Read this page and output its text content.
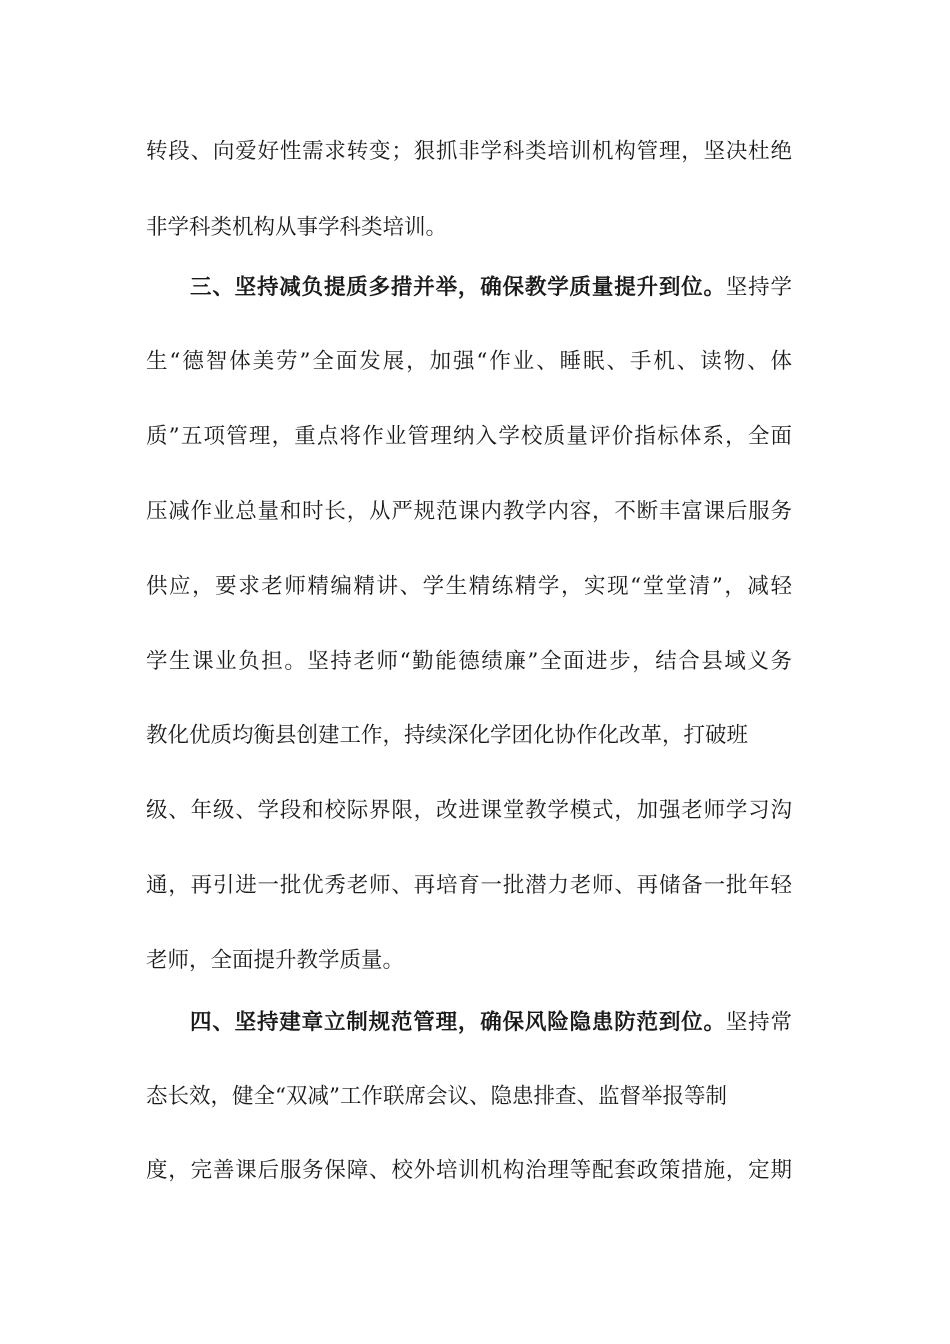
转段、向爱好性需求转变；狠抓非学科类培训机构管理，坚决杜绝
非学科类机构从事学科类培训。
三、坚持减负提质多措并举，确保教学质量提升到位。坚持学
生“德智体美劳”全面发展，加强“作业、睡眠、手机、读物、体
质”五项管理，重点将作业管理纳入学校质量评价指标体系，全面
压减作业总量和时长，从严规范课内教学内容，不断丰富课后服务
供应，要求老师精编精讲、学生精练精学，实现“堂堂清”，减轻
学生课业负担。坚持老师“勤能德绩廉”全面进步，结合县域义务
教化优质均衡县创建工作，持续深化学团化协作化改革，打破班
级、年级、学段和校际界限，改进课堂教学模式，加强老师学习沟
通，再引进一批优秀老师、再培育一批潜力老师、再储备一批年轻
老师，全面提升教学质量。
四、坚持建章立制规范管理，确保风险隐患防范到位。坚持常
态长效，健全“双减”工作联席会议、隐患排查、监督举报等制
度，完善课后服务保障、校外培训机构治理等配套政策措施，定期
